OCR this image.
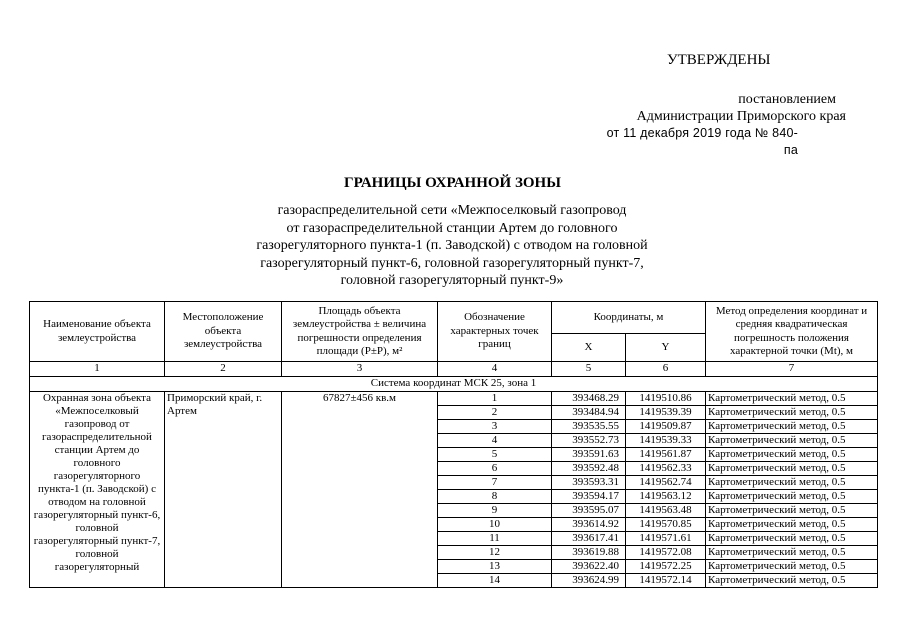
УТВЕРЖДЕНЫ
постановлением
Администрации Приморского края
от 11 декабря 2019 года № 840-па
ГРАНИЦЫ ОХРАННОЙ ЗОНЫ
газораспределительной сети «Межпоселковый газопровод
от газораспределительной станции Артем до головного
газорегуляторного пункта-1 (п. Заводской) с отводом на головной
газорегуляторный пункт-6, головной газорегуляторный пункт-7,
головной газорегуляторный пункт-9»
Наименование объекта землеустройства	Местоположение объекта землеустройства	Площадь объекта землеустройства ± величина погрешности определения площади (P±P), м²	Обозначение характерных точек границ	Координаты, м		Метод определения координат и средняя квадратическая погрешность положения характерной точки (Mt), м
				X	Y	
1	2	3	4	5	6	7
Система координат МСК 25, зона 1						
Охранная зона объекта «Межпоселковый газопровод от газораспределительной станции Артем до головного газорегуляторного пункта-1 (п. Заводской) с отводом на головной газорегуляторный пункт-6, головной газорегуляторный пункт-7, головной газорегуляторный	Приморский край, г. Артем	67827±456 кв.м	1	393468.29	1419510.86	Картометрический метод, 0.5
			2	393484.94	1419539.39	Картометрический метод, 0.5
			3	393535.55	1419509.87	Картометрический метод, 0.5
			4	393552.73	1419539.33	Картометрический метод, 0.5
			5	393591.63	1419561.87	Картометрический метод, 0.5
			6	393592.48	1419562.33	Картометрический метод, 0.5
			7	393593.31	1419562.74	Картометрический метод, 0.5
			8	393594.17	1419563.12	Картометрический метод, 0.5
			9	393595.07	1419563.48	Картометрический метод, 0.5
			10	393614.92	1419570.85	Картометрический метод, 0.5
			11	393617.41	1419571.61	Картометрический метод, 0.5
			12	393619.88	1419572.08	Картометрический метод, 0.5
			13	393622.40	1419572.25	Картометрический метод, 0.5
			14	393624.99	1419572.14	Картометрический метод, 0.5
